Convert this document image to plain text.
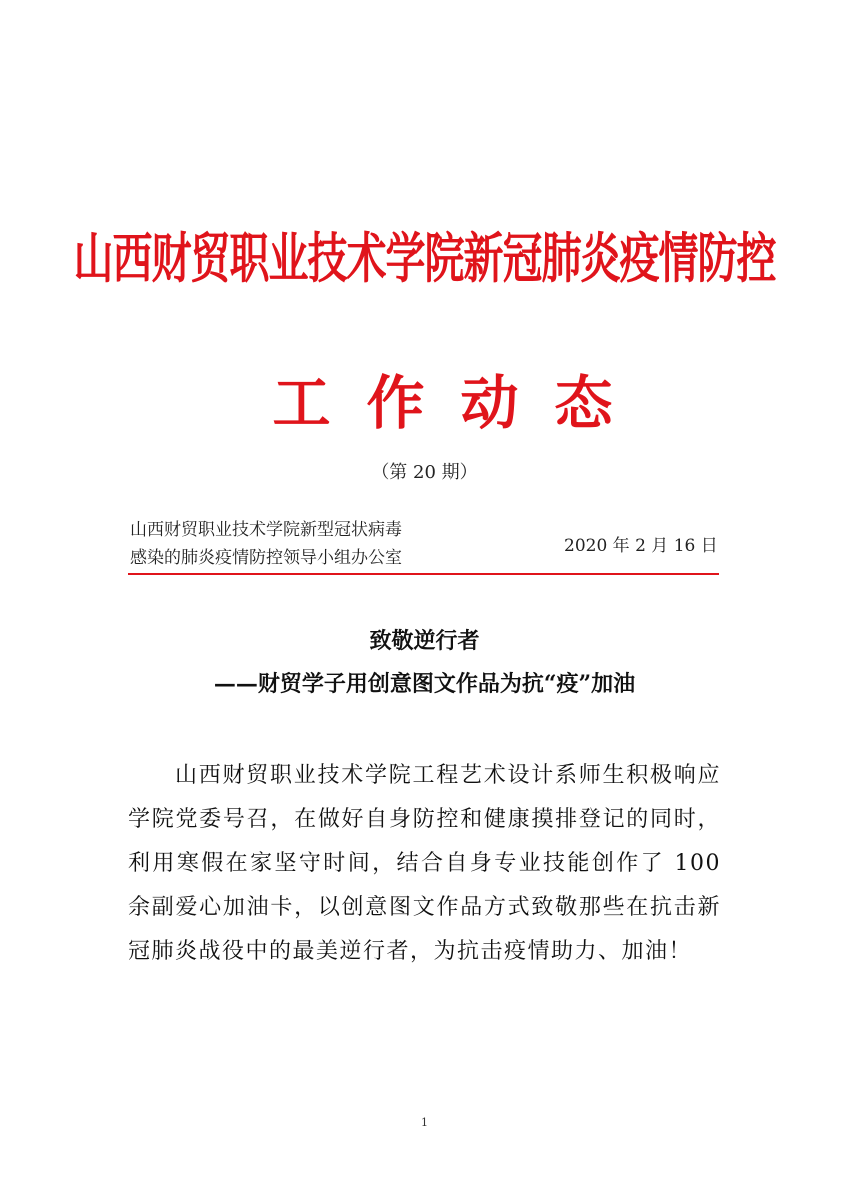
山西财贸职业技术学院新冠肺炎疫情防控
工作动态
（第 20 期）
山西财贸职业技术学院新型冠状病毒
感染的肺炎疫情防控领导小组办公室
2020 年 2 月 16 日
致敬逆行者
——财贸学子用创意图文作品为抗“疫”加油

山西财贸职业技术学院工程艺术设计系师生积极响应学院党委号召，在做好自身防控和健康摸排登记的同时，利用寒假在家坚守时间，结合自身专业技能创作了 100 余副爱心加油卡，以创意图文作品方式致敬那些在抗击新冠肺炎战役中的最美逆行者，为抗击疫情助力、加油！

1
